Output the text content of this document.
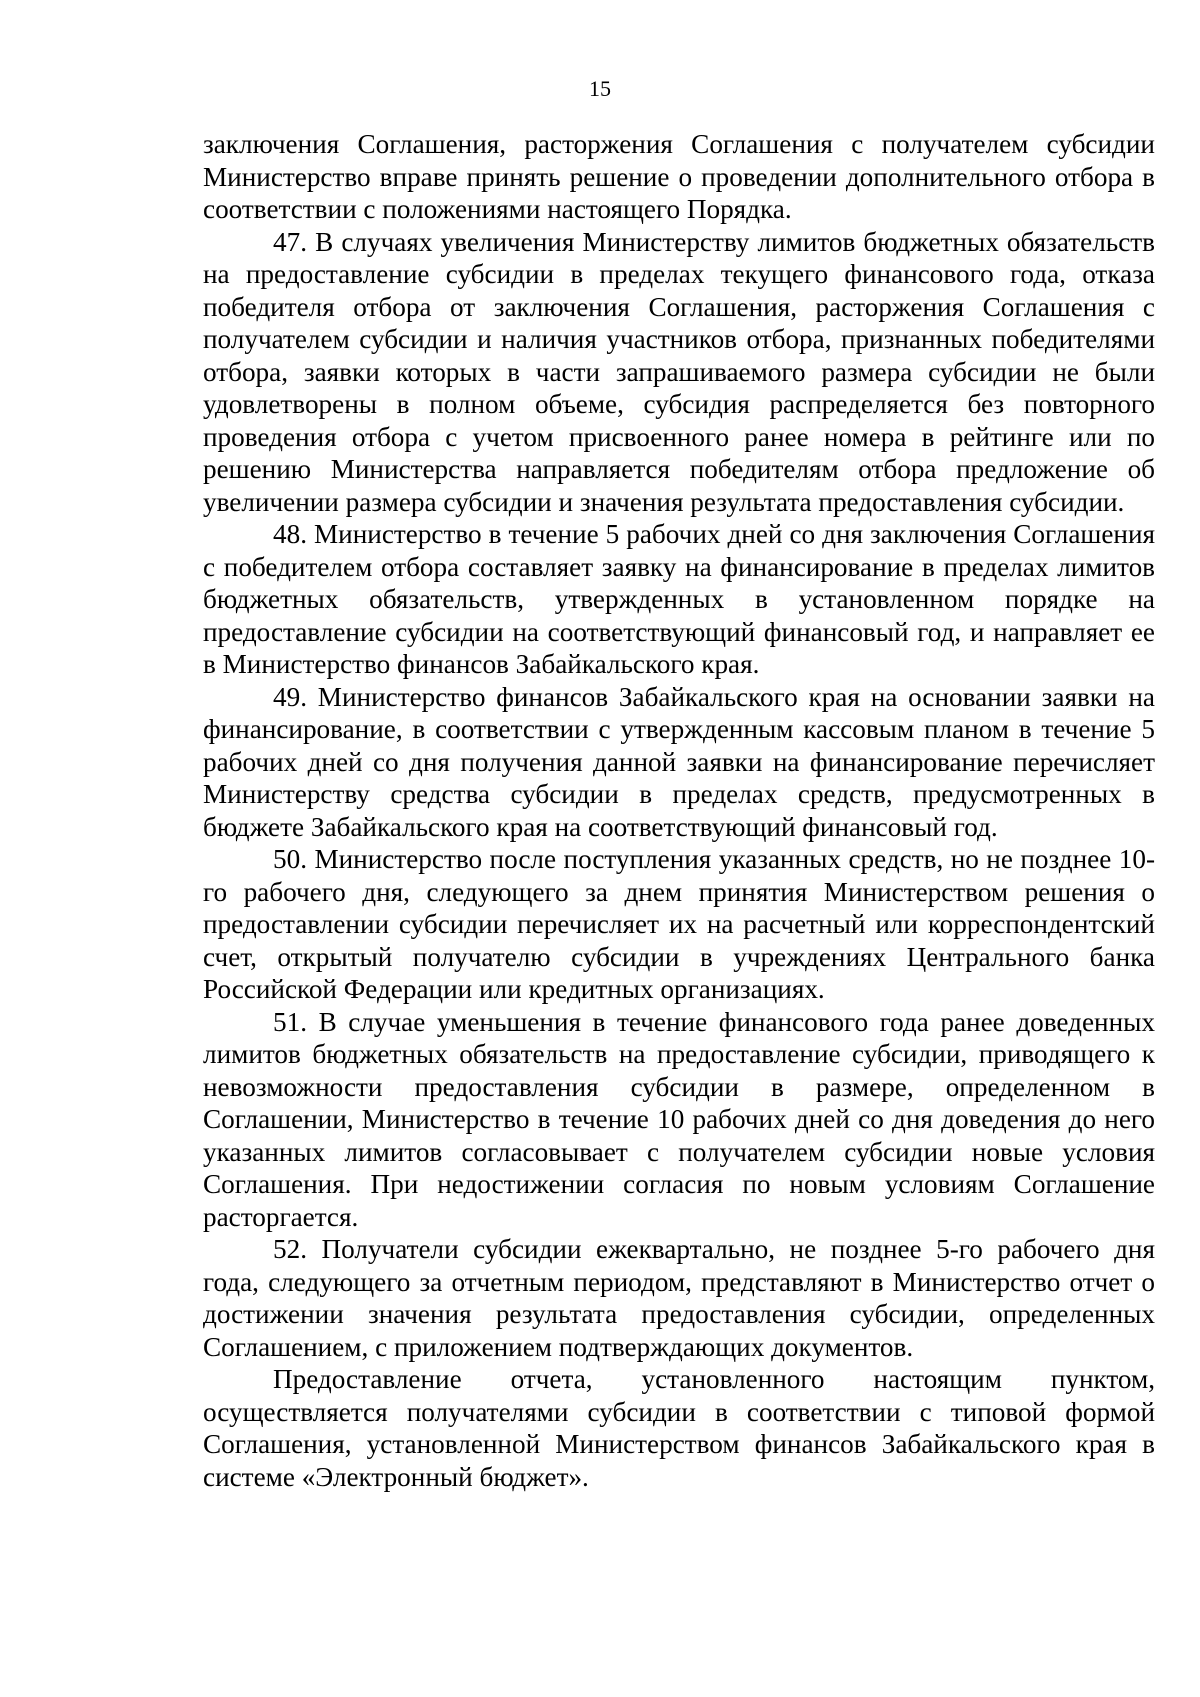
15

заключения Соглашения, расторжения Соглашения с получателем субсидии Министерство вправе принять решение о проведении дополнительного отбора в соответствии с положениями настоящего Порядка.

47. В случаях увеличения Министерству лимитов бюджетных обязательств на предоставление субсидии в пределах текущего финансового года, отказа победителя отбора от заключения Соглашения, расторжения Соглашения с получателем субсидии и наличия участников отбора, признанных победителями отбора, заявки которых в части запрашиваемого размера субсидии не были удовлетворены в полном объеме, субсидия распределяется без повторного проведения отбора с учетом присвоенного ранее номера в рейтинге или по решению Министерства направляется победителям отбора предложение об увеличении размера субсидии и значения результата предоставления субсидии.

48. Министерство в течение 5 рабочих дней со дня заключения Соглашения с победителем отбора составляет заявку на финансирование в пределах лимитов бюджетных обязательств, утвержденных в установленном порядке на предоставление субсидии на соответствующий финансовый год, и направляет ее в Министерство финансов Забайкальского края.

49. Министерство финансов Забайкальского края на основании заявки на финансирование, в соответствии с утвержденным кассовым планом в течение 5 рабочих дней со дня получения данной заявки на финансирование перечисляет Министерству средства субсидии в пределах средств, предусмотренных в бюджете Забайкальского края на соответствующий финансовый год.

50. Министерство после поступления указанных средств, но не позднее 10-го рабочего дня, следующего за днем принятия Министерством решения о предоставлении субсидии перечисляет их на расчетный или корреспондентский счет, открытый получателю субсидии в учреждениях Центрального банка Российской Федерации или кредитных организациях.

51. В случае уменьшения в течение финансового года ранее доведенных лимитов бюджетных обязательств на предоставление субсидии, приводящего к невозможности предоставления субсидии в размере, определенном в Соглашении, Министерство в течение 10 рабочих дней со дня доведения до него указанных лимитов согласовывает с получателем субсидии новые условия Соглашения. При недостижении согласия по новым условиям Соглашение расторгается.

52. Получатели субсидии ежеквартально, не позднее 5-го рабочего дня года, следующего за отчетным периодом, представляют в Министерство отчет о достижении значения результата предоставления субсидии, определенных Соглашением, с приложением подтверждающих документов.

Предоставление отчета, установленного настоящим пунктом, осуществляется получателями субсидии в соответствии с типовой формой Соглашения, установленной Министерством финансов Забайкальского края в системе «Электронный бюджет».
